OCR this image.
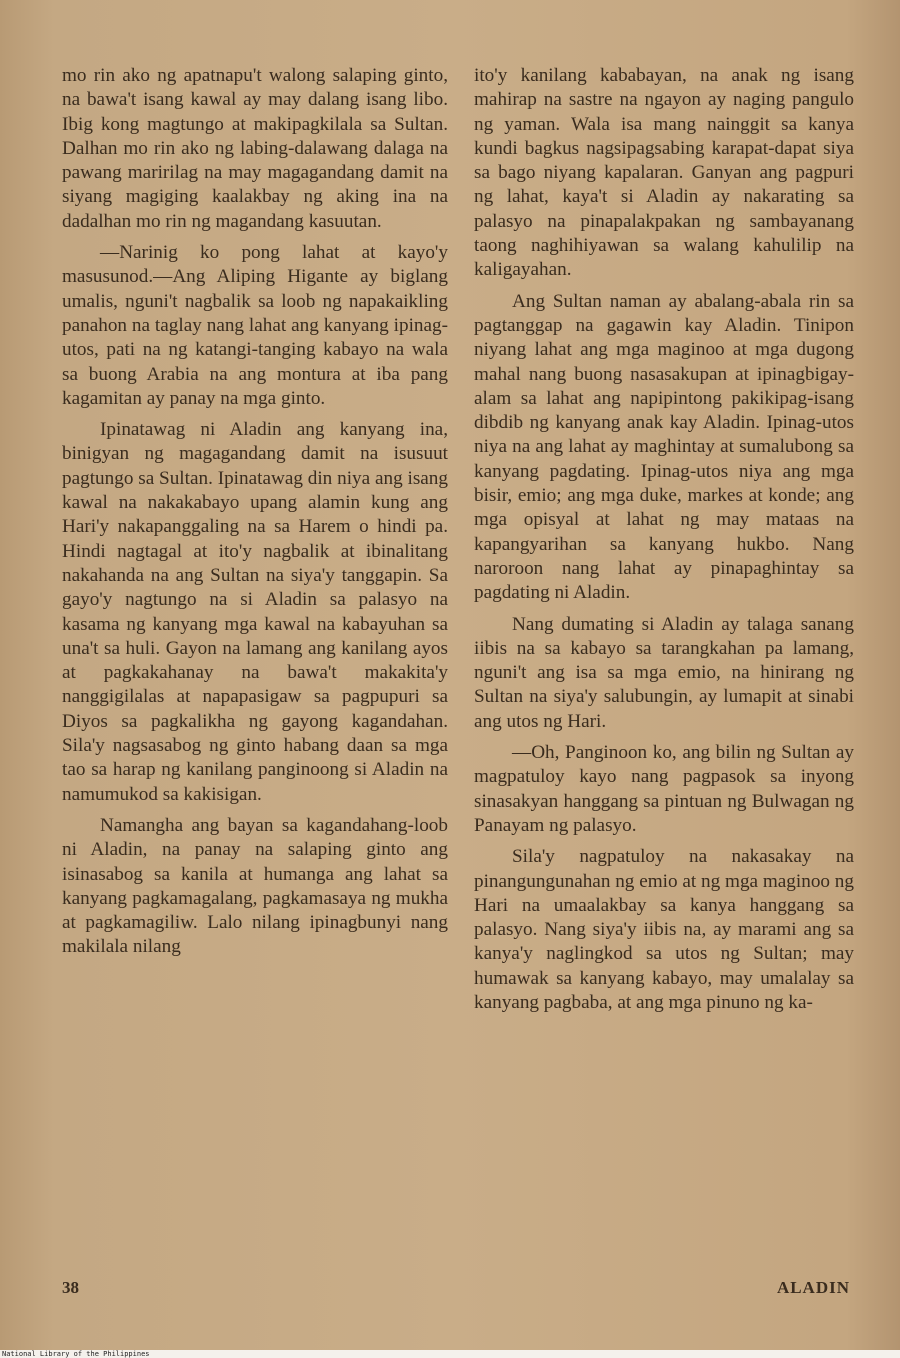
mo rin ako ng apatnapu't walong salaping ginto, na bawa't isang kawal ay may dalang isang libo. Ibig kong magtungo at makipagkilala sa Sultan. Dalhan mo rin ako ng labing-dalawang dalaga na pawang maririlag na may magagandang damit na siyang magiging kaalakbay ng aking ina na dadalhan mo rin ng magandang kasuutan.

—Narinig ko pong lahat at kayo'y masusunod.—Ang Aliping Higante ay biglang umalis, nguni't nagbalik sa loob ng napakaikling panahon na taglay nang lahat ang kanyang ipinag-utos, pati na ng katangi-tanging kabayo na wala sa buong Arabia na ang montura at iba pang kagamitan ay panay na mga ginto.

Ipinatawag ni Aladin ang kanyang ina, binigyan ng magagandang damit na isusuut pagtungo sa Sultan. Ipinatawag din niya ang isang kawal na nakakabayo upang alamin kung ang Hari'y nakapanggaling na sa Harem o hindi pa. Hindi nagtagal at ito'y nagbalik at ibinalitang nakahanda na ang Sultan na siya'y tanggapin. Sa gayo'y nagtungo na si Aladin sa palasyo na kasama ng kanyang mga kawal na kabayuhan sa una't sa huli. Gayon na lamang ang kanilang ayos at pagkakahanay na bawa't makakita'y nanggigilalas at napapasigaw sa pagpupuri sa Diyos sa pagkalikha ng gayong kagandahan. Sila'y nagsasabog ng ginto habang daan sa mga tao sa harap ng kanilang panginoong si Aladin na namumukod sa kakisigan.

Namangha ang bayan sa kagandahang-loob ni Aladin, na panay na salaping ginto ang isinasabog sa kanila at humanga ang lahat sa kanyang pagkamagalang, pagkamasaya ng mukha at pagkamagiliw. Lalo nilang ipinagbunyi nang makilala nilang

ito'y kanilang kababayan, na anak ng isang mahirap na sastre na ngayon ay naging pangulo ng yaman. Wala isa mang nainggit sa kanya kundi bagkus nagsipagsabing karapat-dapat siya sa bago niyang kapalaran. Ganyan ang pagpuri ng lahat, kaya't si Aladin ay nakarating sa palasyo na pinapalakpakan ng sambayanang taong naghihiyawan sa walang kahulilip na kaligayahan.

Ang Sultan naman ay abalang-abala rin sa pagtanggap na gagawin kay Aladin. Tinipon niyang lahat ang mga maginoo at mga dugong mahal nang buong nasasakupan at ipinagbigay-alam sa lahat ang napipintong pakikipag-isang dibdib ng kanyang anak kay Aladin. Ipinag-utos niya na ang lahat ay maghintay at sumalubong sa kanyang pagdating. Ipinag-utos niya ang mga bisir, emio; ang mga duke, markes at konde; ang mga opisyal at lahat ng may mataas na kapangyarihan sa kanyang hukbo. Nang naroroon nang lahat ay pinapaghintay sa pagdating ni Aladin.

Nang dumating si Aladin ay talaga sanang iibis na sa kabayo sa tarangkahan pa lamang, nguni't ang isa sa mga emio, na hinirang ng Sultan na siya'y salubungin, ay lumapit at sinabi ang utos ng Hari.

—Oh, Panginoon ko, ang bilin ng Sultan ay magpatuloy kayo nang pagpasok sa inyong sinasakyan hanggang sa pintuan ng Bulwagan ng Panayam ng palasyo.

Sila'y nagpatuloy na nakasakay na pinangungunahan ng emio at ng mga maginoo ng Hari na umaalakbay sa kanya hanggang sa palasyo. Nang siya'y iibis na, ay marami ang sa kanya'y naglingkod sa utos ng Sultan; may humawak sa kanyang kabayo, may umalalay sa kanyang pagbaba, at ang mga pinuno ng ka-

38	ALADIN
National Library of the Philippines
